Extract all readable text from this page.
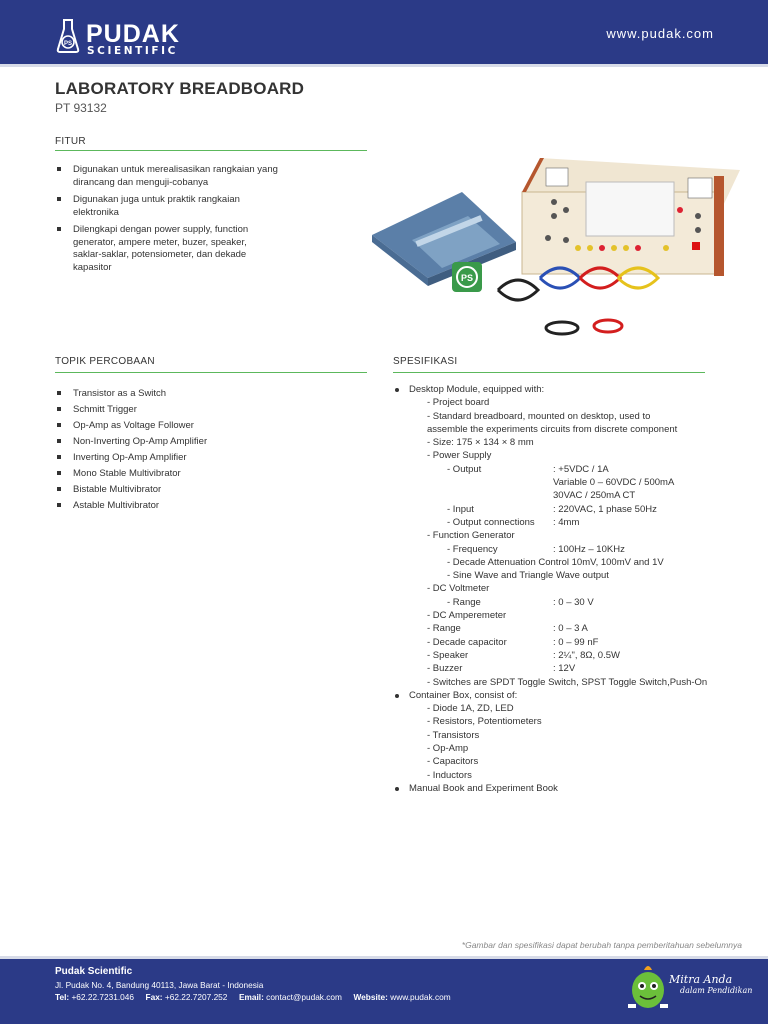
PS PUDAK
SCIENTIFIC
www.pudak.com
LABORATORY BREADBOARD
PT 93132
FITUR
Digunakan untuk merealisasikan rangkaian yang
dirancang dan menguji-cobanya
Digunakan juga untuk praktik rangkaian
elektronika
Dilengkapi dengan power supply, function
generator, ampere meter, buzer, speaker,
saklar-saklar, potensiometer, dan dekade
kapasitor
PS
TOPIK PERCOBAAN
Transistor as a Switch
Schmitt Trigger
Op-Amp as Voltage Follower
Non-Inverting Op-Amp Amplifier
Inverting Op-Amp Amplifier
Mono Stable Multivibrator
Bistable Multivibrator
Astable Multivibrator
SPESIFIKASI
Desktop Module, equipped with:
- Project board
- Standard breadboard, mounted on desktop, used to
assemble the experiments circuits from discrete component
- Size: 175 × 134 × 8 mm
- Power Supply
- Output	: +5VDC / 1A
Variable 0 – 60VDC / 500mA
30VAC / 250mA CT
- Input	: 220VAC, 1 phase 50Hz
- Output connections : 4mm
- Function Generator
- Frequency	: 100Hz – 10KHz
- Decade Attenuation Control 10mV, 100mV and 1V
- Sine Wave and Triangle Wave output
- DC Voltmeter
- Range	: 0 – 30 V
- DC Amperemeter
- Range	: 0 – 3 A
- Decade capacitor	: 0 – 99 nF
- Speaker	: 2¼", 8Ω, 0.5W
- Buzzer	: 12V
- Switches are SPDT Toggle Switch, SPST Toggle Switch,Push-On
Container Box, consist of:
- Diode 1A, ZD, LED
- Resistors, Potentiometers
- Transistors
- Op-Amp
- Capacitors
- Inductors
Manual Book and Experiment Book
*Gambar dan spesifikasi dapat berubah tanpa pemberitahuan sebelumnya
Pudak Scientific
Jl. Pudak No. 4, Bandung 40113, Jawa Barat - Indonesia
Tel: +62.22.7231.046 Fax: +62.22.7207.252 Email: contact@pudak.com Website: www.pudak.com
Mitra Anda
dalam Pendidikan
